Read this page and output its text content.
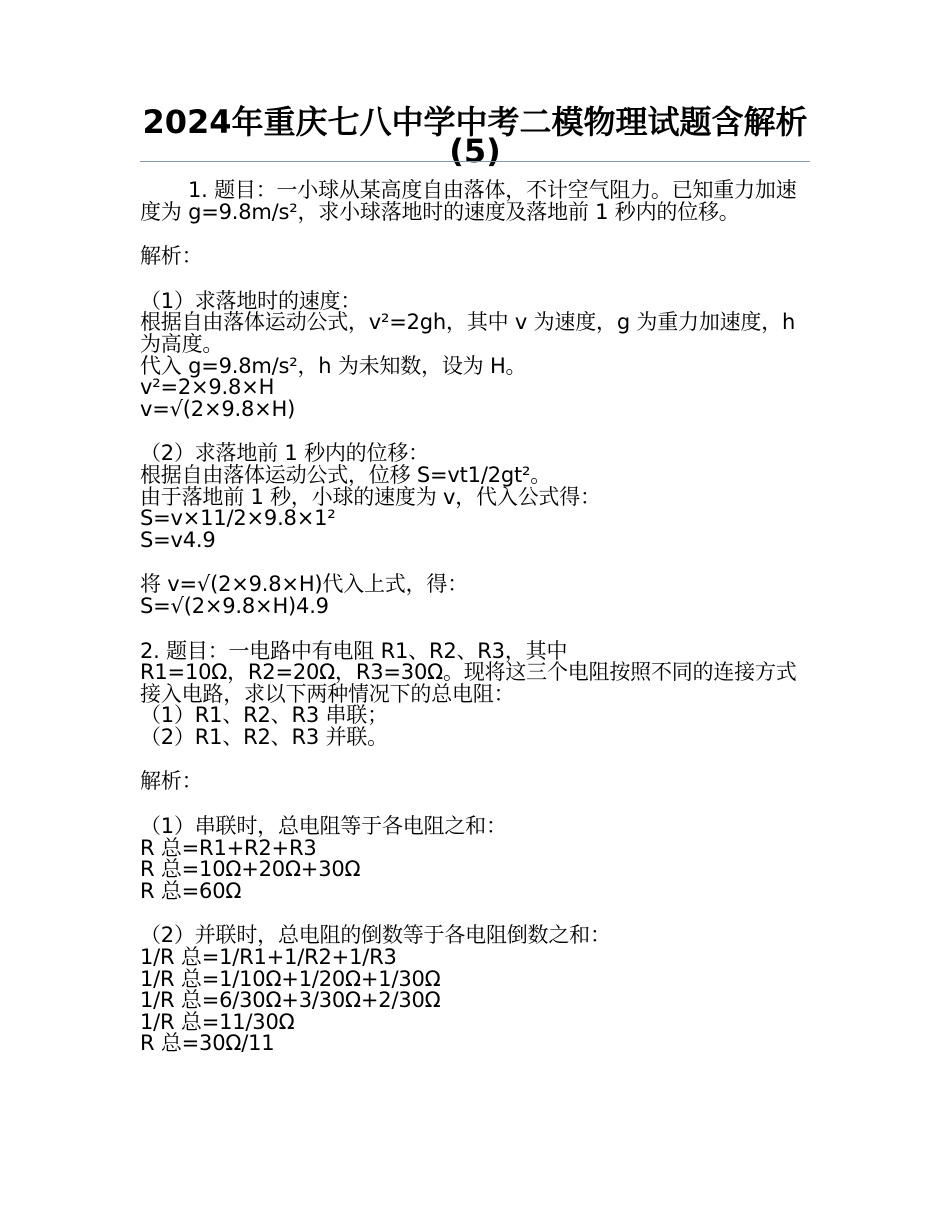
2024年重庆七八中学中考二模物理试题含解析(5)
1. 题目：一小球从某高度自由落体，不计空气阻力。已知重力加速度为 g=9.8m/s²，求小球落地时的速度及落地前 1 秒内的位移。
解析：
（1）求落地时的速度：
根据自由落体运动公式，v²=2gh，其中 v 为速度，g 为重力加速度，h 为高度。
代入 g=9.8m/s²，h 为未知数，设为 H。
v²=2×9.8×H
v=√(2×9.8×H)
（2）求落地前 1 秒内的位移：
根据自由落体运动公式，位移 S=vt1/2gt²。
由于落地前 1 秒，小球的速度为 v，代入公式得：
S=v×11/2×9.8×1²
S=v4.9
将 v=√(2×9.8×H)代入上式，得：
S=√(2×9.8×H)4.9
2. 题目：一电路中有电阻 R1、R2、R3，其中
R1=10Ω，R2=20Ω，R3=30Ω。现将这三个电阻按照不同的连接方式接入电路，求以下两种情况下的总电阻：
（1）R1、R2、R3 串联；
（2）R1、R2、R3 并联。
解析：
（1）串联时，总电阻等于各电阻之和：
R 总=R1+R2+R3
R 总=10Ω+20Ω+30Ω
R 总=60Ω
（2）并联时，总电阻的倒数等于各电阻倒数之和：
1/R 总=1/R1+1/R2+1/R3
1/R 总=1/10Ω+1/20Ω+1/30Ω
1/R 总=6/30Ω+3/30Ω+2/30Ω
1/R 总=11/30Ω
R 总=30Ω/11
